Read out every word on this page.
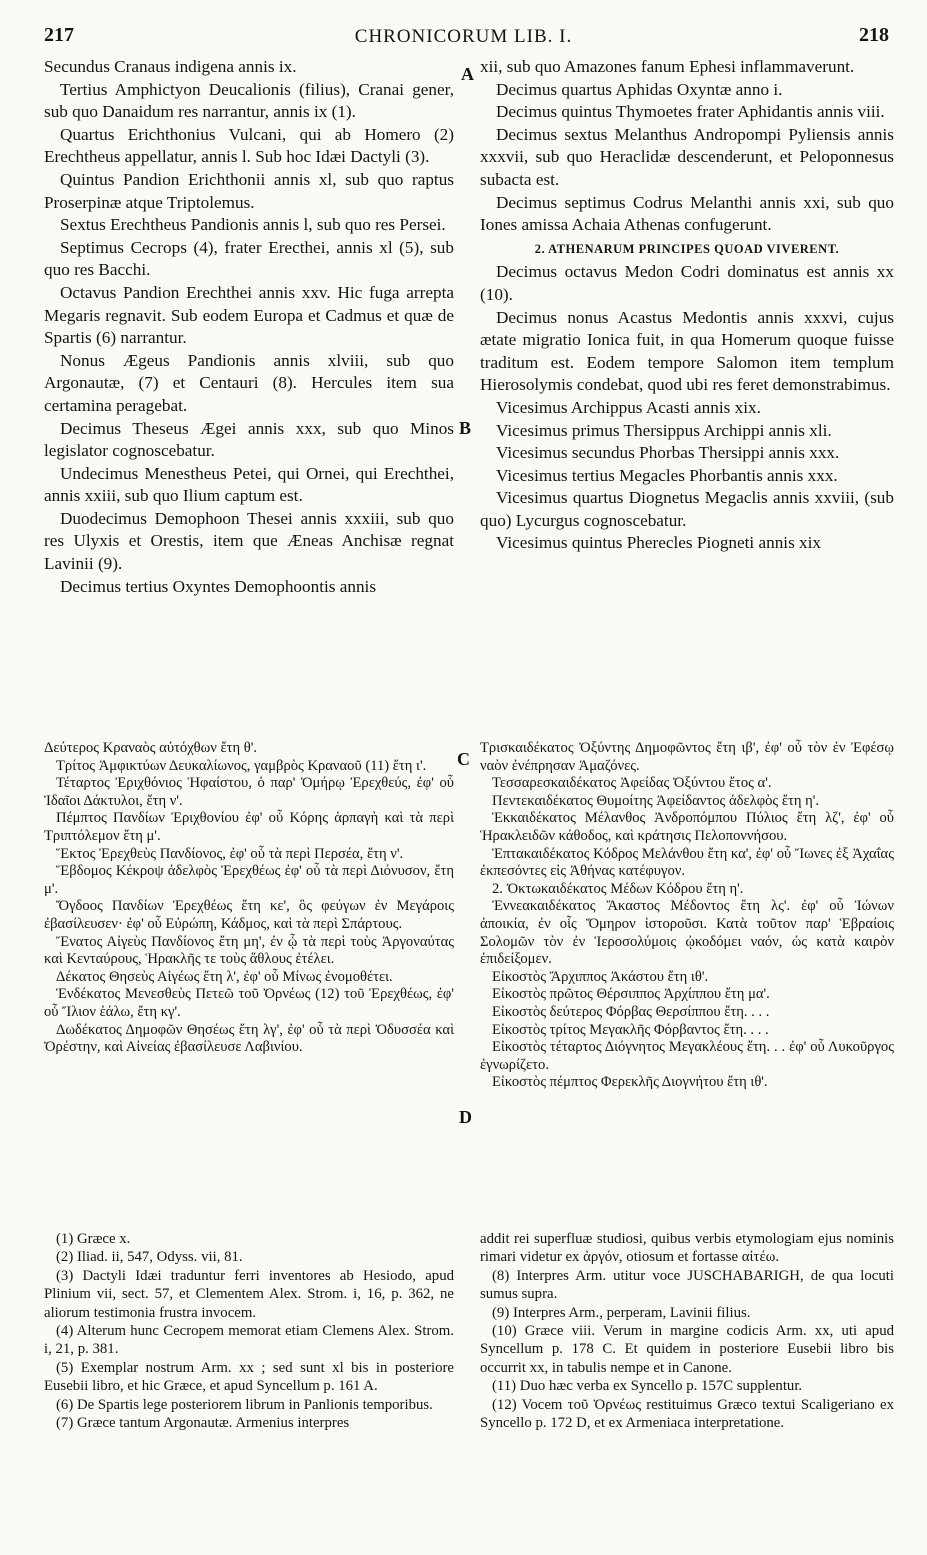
217	CHRONICORUM LIB. I.	218
A
B
C
D

Secundus Cranaus indigena annis ix.

Tertius Amphictyon Deucalionis (filius), Cranai gener, sub quo Danaidum res narrantur, annis ix (1).

Quartus Erichthonius Vulcani, qui ab Homero (2) Erechtheus appellatur, annis l. Sub hoc Idæi Dactyli (3).

Quintus Pandion Erichthonii annis xl, sub quo raptus Proserpinæ atque Triptolemus.

Sextus Erechtheus Pandionis annis l, sub quo res Persei.

Septimus Cecrops (4), frater Erecthei, annis xl (5), sub quo res Bacchi.

Octavus Pandion Erechthei annis xxv. Hic fuga arrepta Megaris regnavit. Sub eodem Europa et Cadmus et quæ de Spartis (6) narrantur.

Nonus Ægeus Pandionis annis xlviii, sub quo Argonautæ, (7) et Centauri (8). Hercules item sua certamina peragebat.

Decimus Theseus Ægei annis xxx, sub quo Minos legislator cognoscebatur.

Undecimus Menestheus Petei, qui Ornei, qui Erechthei, annis xxiii, sub quo Ilium captum est.

Duodecimus Demophoon Thesei annis xxxiii, sub quo res Ulyxis et Orestis, item que Æneas Anchisæ regnat Lavinii (9).

Decimus tertius Oxyntes Demophoontis annis

xii, sub quo Amazones fanum Ephesi inflammaverunt.

Decimus quartus Aphidas Oxyntæ anno i.

Decimus quintus Thymoetes frater Aphidantis annis viii.

Decimus sextus Melanthus Andropompi Pyliensis annis xxxvii, sub quo Heraclidæ descenderunt, et Peloponnesus subacta est.

Decimus septimus Codrus Melanthi annis xxi, sub quo Iones amissa Achaia Athenas confugerunt.

2. ATHENARUM PRINCIPES QUOAD VIVERENT.

Decimus octavus Medon Codri dominatus est annis xx (10).

Decimus nonus Acastus Medontis annis xxxvi, cujus ætate migratio Ionica fuit, in qua Homerum quoque fuisse traditum est. Eodem tempore Salomon item templum Hierosolymis condebat, quod ubi res feret demonstrabimus.

Vicesimus Archippus Acasti annis xix.

Vicesimus primus Thersippus Archippi annis xli.

Vicesimus secundus Phorbas Thersippi annis xxx.

Vicesimus tertius Megacles Phorbantis annis xxx.

Vicesimus quartus Diognetus Megaclis annis xxviii, (sub quo) Lycurgus cognoscebatur.

Vicesimus quintus Pherecles Piogneti annis xix

Δεύτερος Κραναὸς αὐτόχθων ἔτη θ'.

Τρίτος Ἀμφικτύων Δευκαλίωνος, γαμβρὸς Κραναοῦ (11) ἔτη ι'.

Τέταρτος Ἐριχθόνιος Ἡφαίστου, ὁ παρ' Ὁμήρῳ Ἐρεχθεύς, ἐφ' οὗ Ἰδαῖοι Δάκτυλοι, ἔτη ν'.

Πέμπτος Πανδίων Ἐριχθονίου ἐφ' οὗ Κόρης ἁρπαγὴ καὶ τὰ περὶ Τριπτόλεμον ἔτη μ'.

Ἕκτος Ἐρεχθεὺς Πανδίονος, ἐφ' οὗ τὰ περὶ Περσέα, ἔτη ν'.

Ἕβδομος Κέκροψ ἀδελφὸς Ἐρεχθέως ἐφ' οὗ τὰ περὶ Διόνυσον, ἔτη μ'.

Ὄγδοος Πανδίων Ἐρεχθέως ἔτη κε', ὃς φεύγων ἐν Μεγάροις ἐβασίλευσεν· ἐφ' οὗ Εὐρώπη, Κάδμος, καὶ τὰ περὶ Σπάρτους.

Ἔνατος Αἰγεὺς Πανδίονος ἔτη μη', ἐν ᾧ τὰ περὶ τοὺς Ἀργοναύτας καὶ Κενταύρους, Ἡρακλῆς τε τοὺς ἄθλους ἐτέλει.

Δέκατος Θησεὺς Αἰγέως ἔτη λ', ἐφ' οὗ Μίνως ἐνομοθέτει.

Ἑνδέκατος Μενεσθεὺς Πετεῶ τοῦ Ὀρνέως (12) τοῦ Ἐρεχθέως, ἐφ' οὗ Ἴλιον ἑάλω, ἔτη κγ'.

Δωδέκατος Δημοφῶν Θησέως ἔτη λγ', ἐφ' οὗ τὰ περὶ Ὀδυσσέα καὶ Ὀρέστην, καὶ Αἰνείας ἐβασίλευσε Λαβινίου.

Τρισκαιδέκατος Ὀξύντης Δημοφῶντος ἔτη ιβ', ἐφ' οὗ τὸν ἐν Ἐφέσῳ ναὸν ἐνέπρησαν Ἀμαζόνες.

Τεσσαρεσκαιδέκατος Ἀφείδας Ὀξύντου ἔτος α'.

Πεντεκαιδέκατος Θυμοίτης Ἀφείδαντος ἀδελφὸς ἔτη η'.

Ἑκκαιδέκατος Μέλανθος Ἀνδροπόμπου Πύλιος ἔτη λζ', ἐφ' οὗ Ἡρακλειδῶν κάθοδος, καὶ κράτησις Πελοποννήσου.

Ἑπτακαιδέκατος Κόδρος Μελάνθου ἔτη κα', ἐφ' οὗ Ἴωνες ἐξ Ἀχαΐας ἐκπεσόντες εἰς Ἀθήνας κατέφυγον.

2. Ὀκτωκαιδέκατος Μέδων Κόδρου ἔτη η'.

Ἐννεακαιδέκατος Ἄκαστος Μέδοντος ἔτη λς'. ἐφ' οὗ Ἰώνων ἀποικία, ἐν οἷς Ὅμηρον ἱστοροῦσι. Κατὰ τοῦτον παρ' Ἑβραίοις Σολομῶν τὸν ἐν Ἱεροσολύμοις ᾠκοδόμει ναόν, ὡς κατὰ καιρὸν ἐπιδείξομεν.

Εἰκοστὸς Ἄρχιππος Ἀκάστου ἔτη ιθ'.

Εἰκοστὸς πρῶτος Θέρσιππος Ἀρχίππου ἔτη μα'.

Εἰκοστὸς δεύτερος Φόρβας Θερσίππου ἔτη. . . .

Εἰκοστὸς τρίτος Μεγακλῆς Φόρβαντος ἔτη. . . .

Εἰκοστὸς τέταρτος Διόγνητος Μεγακλέους ἔτη. . . ἐφ' οὗ Λυκοῦργος ἐγνωρίζετο.

Εἰκοστὸς πέμπτος Φερεκλῆς Διογνήτου ἔτη ιθ'.

(1) Græce x.

(2) Iliad. ii, 547, Odyss. vii, 81.

(3) Dactyli Idæi traduntur ferri inventores ab Hesiodo, apud Plinium vii, sect. 57, et Clementem Alex. Strom. i, 16, p. 362, ne aliorum testimonia frustra invocem.

(4) Alterum hunc Cecropem memorat etiam Clemens Alex. Strom. i, 21, p. 381.

(5) Exemplar nostrum Arm. xx ; sed sunt xl bis in posteriore Eusebii libro, et hic Græce, et apud Syncellum p. 161 A.

(6) De Spartis lege posteriorem librum in Panlionis temporibus.

(7) Græce tantum Argonautæ. Armenius interpres

addit rei superfluæ studiosi, quibus verbis etymologiam ejus nominis rimari videtur ex ἀργόν, otiosum et fortasse αἰτέω.

(8) Interpres Arm. utitur voce JUSCHABARIGH, de qua locuti sumus supra.

(9) Interpres Arm., perperam, Lavinii filius.

(10) Græce viii. Verum in margine codicis Arm. xx, uti apud Syncellum p. 178 C. Et quidem in posteriore Eusebii libro bis occurrit xx, in tabulis nempe et in Canone.

(11) Duo hæc verba ex Syncello p. 157C supplentur.

(12) Vocem τοῦ Ὀρνέως restituimus Græco textui Scaligeriano ex Syncello p. 172 D, et ex Armeniaca interpretatione.
